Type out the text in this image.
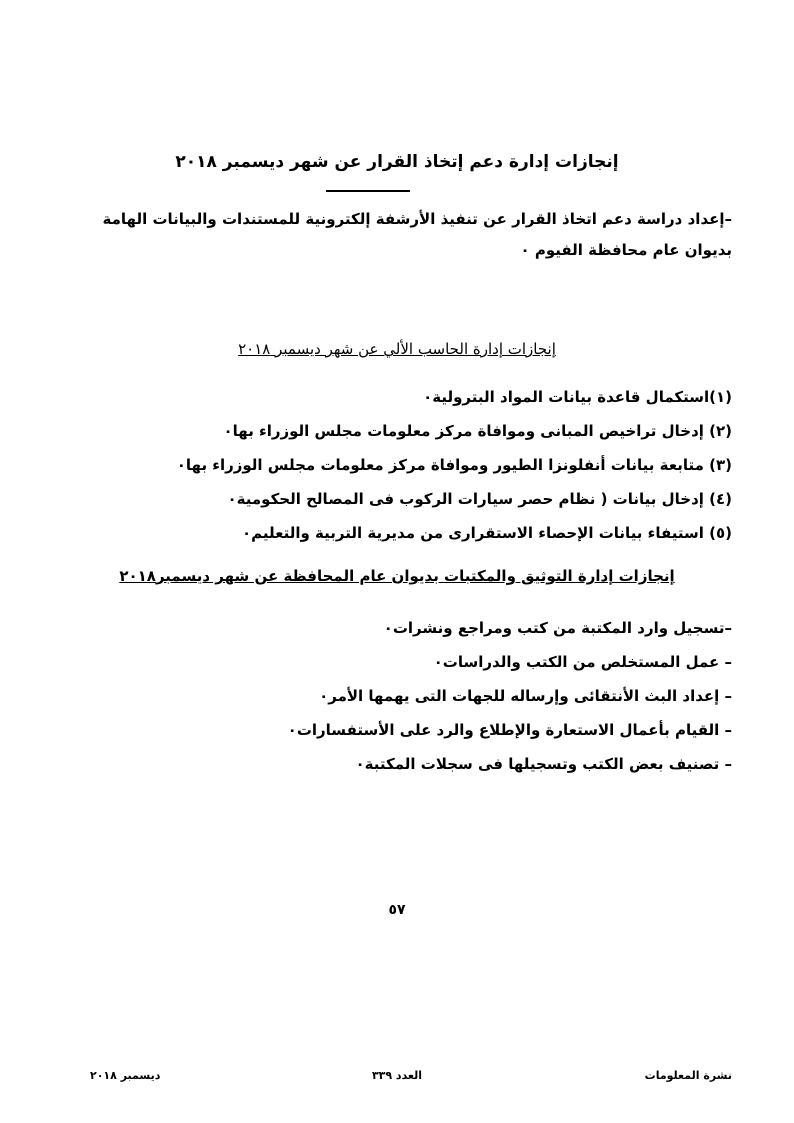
إنجازات إدارة دعم إتخاذ القرار عن شهر ديسمبر ٢٠١٨
–إعداد دراسة دعم اتخاذ القرار عن تنفيذ الأرشفة إلكترونية للمستندات والبيانات الهامة بديوان عام محافظة الفيوم ٠
إنجازات إدارة الحاسب الألي عن شهر ديسمبر ٢٠١٨
(١)استكمال قاعدة بيانات المواد البترولية٠
(٢) إدخال تراخيص المبانى وموافاة مركز معلومات مجلس الوزراء بها٠
(٣) متابعة بيانات أنفلونزا الطيور وموافاة مركز معلومات مجلس الوزراء بها٠
(٤) إدخال بيانات ( نظام حصر سيارات الركوب فى المصالح الحكومية٠
(٥) استيفاء بيانات الإحصاء الاستقرارى من مديرية التربية والتعليم٠
إنجازات إدارة التوثيق والمكتبات بديوان عام المحافظة عن شهر ديسمبر٢٠١٨
–تسجيل وارد المكتبة من كتب ومراجع ونشرات٠
– عمل المستخلص من الكتب والدراسات٠
– إعداد البث الأنتقائى وإرساله للجهات التى يهمها الأمر٠
– القيام بأعمال الاستعارة والإطلاع والرد على الأستفسارات٠
– تصنيف بعض الكتب وتسجيلها فى سجلات المكتبة٠
٥٧
نشرة المعلومات
العدد ٣٣٩
ديسمبر ٢٠١٨
